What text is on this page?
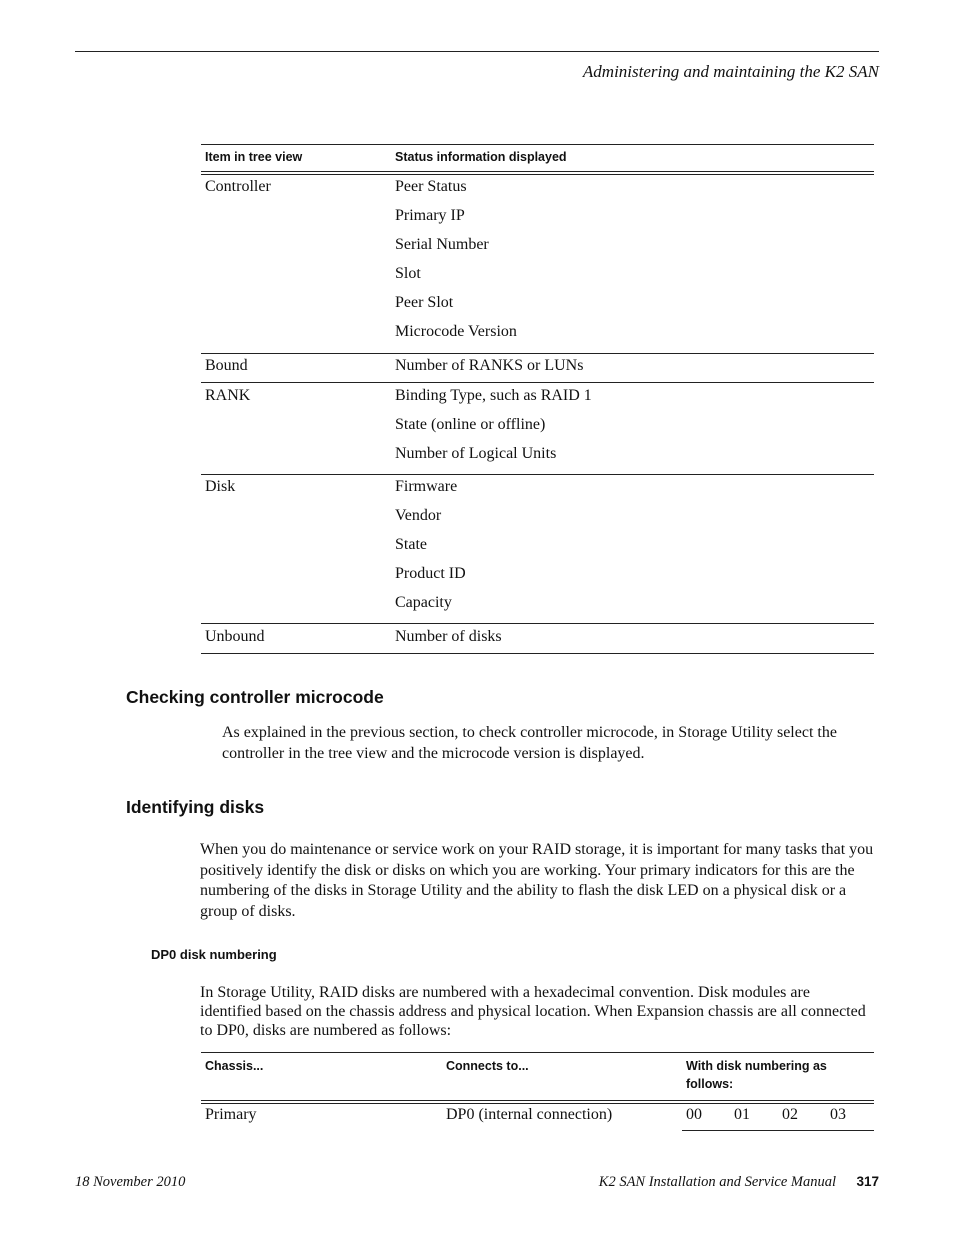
Administering and maintaining the K2 SAN
Item in tree view	Status information displayed
Controller	Peer Status
Primary IP
Serial Number
Slot
Peer Slot
Microcode Version
Bound	Number of RANKS or LUNs
RANK	Binding Type, such as RAID 1
State (online or offline)
Number of Logical Units
Disk	Firmware
Vendor
State
Product ID
Capacity
Unbound	Number of disks
Checking controller microcode
As explained in the previous section, to check controller microcode, in Storage Utility select the controller in the tree view and the microcode version is displayed.
Identifying disks
When you do maintenance or service work on your RAID storage, it is important for many tasks that you positively identify the disk or disks on which you are working. Your primary indicators for this are the numbering of the disks in Storage Utility and the ability to flash the disk LED on a physical disk or a group of disks.
DP0 disk numbering
In Storage Utility, RAID disks are numbered with a hexadecimal convention. Disk modules are identified based on the chassis address and physical location. When Expansion chassis are all connected to DP0, disks are numbered as follows:
Chassis...	Connects to...	With disk numbering as follows:
Primary	DP0 (internal connection)	00 01 02 03
18 November 2010	K2 SAN Installation and Service Manual 317
